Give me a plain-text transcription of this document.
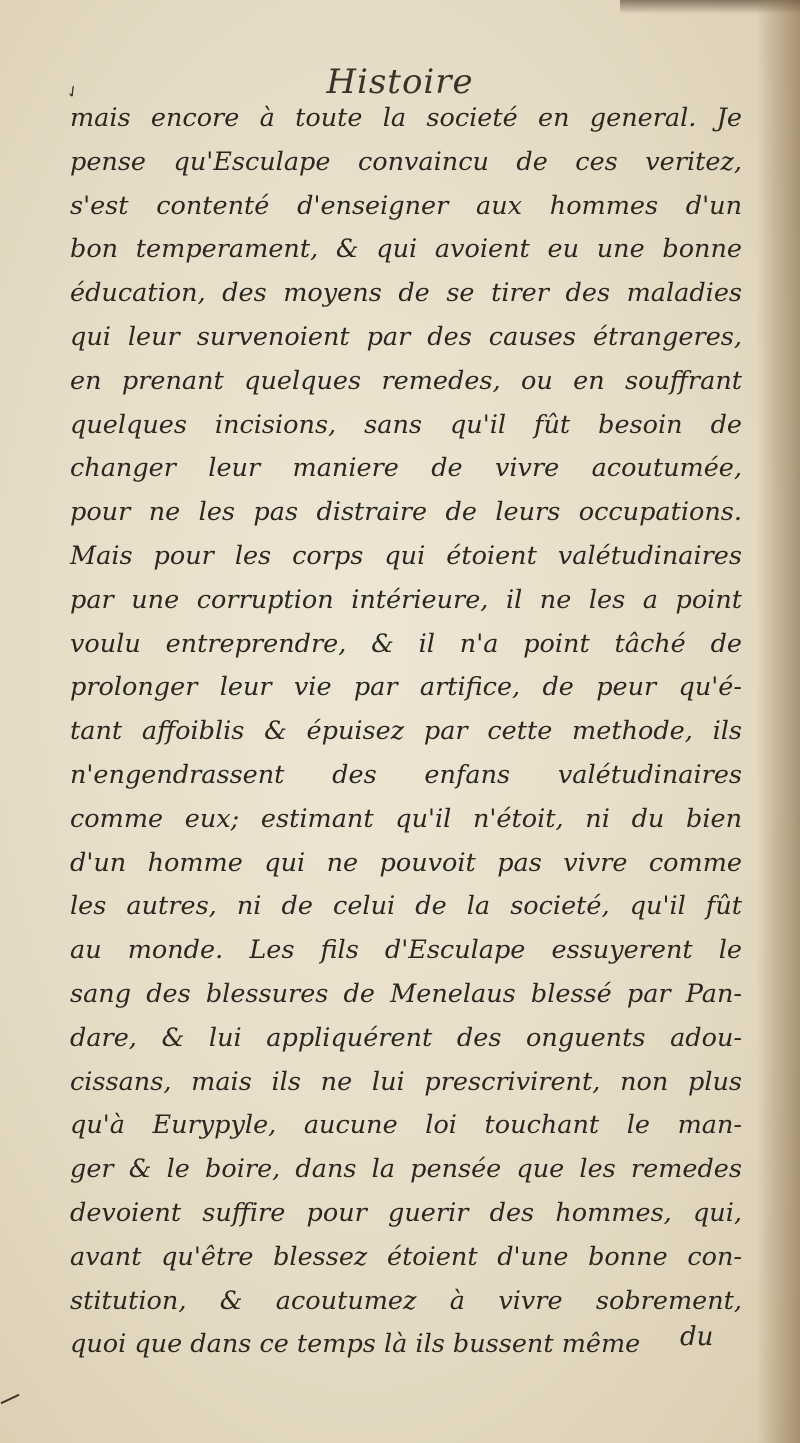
✓	Histoire
mais encore à toute la societé en general. Je
pense qu'Esculape convaincu de ces veritez,
s'est contenté d'enseigner aux hommes d'un
bon temperament, & qui avoient eu une bonne
éducation, des moyens de se tirer des maladies
qui leur survenoient par des causes étrangeres,
en prenant quelques remedes, ou en souffrant
quelques incisions, sans qu'il fût besoin de
changer leur maniere de vivre acoutumée,
pour ne les pas distraire de leurs occupations.
Mais pour les corps qui étoient valétudinaires
par une corruption intérieure, il ne les a point
voulu entreprendre, & il n'a point tâché de
prolonger leur vie par artifice, de peur qu'é-
tant affoiblis & épuisez par cette methode, ils
n'engendrassent des enfans valétudinaires
comme eux; estimant qu'il n'étoit, ni du bien
d'un homme qui ne pouvoit pas vivre comme
les autres, ni de celui de la societé, qu'il fût
au monde. Les fils d'Esculape essuyerent le
sang des blessures de Menelaus blessé par Pan-
dare, & lui appliquérent des onguents adou-
cissans, mais ils ne lui prescrivirent, non plus
qu'à Eurypyle, aucune loi touchant le man-
ger & le boire, dans la pensée que les remedes
devoient suffire pour guerir des hommes, qui,
avant qu'être blessez étoient d'une bonne con-
stitution, & acoutumez à vivre sobrement,
quoi que dans ce temps là ils bussent même	du
